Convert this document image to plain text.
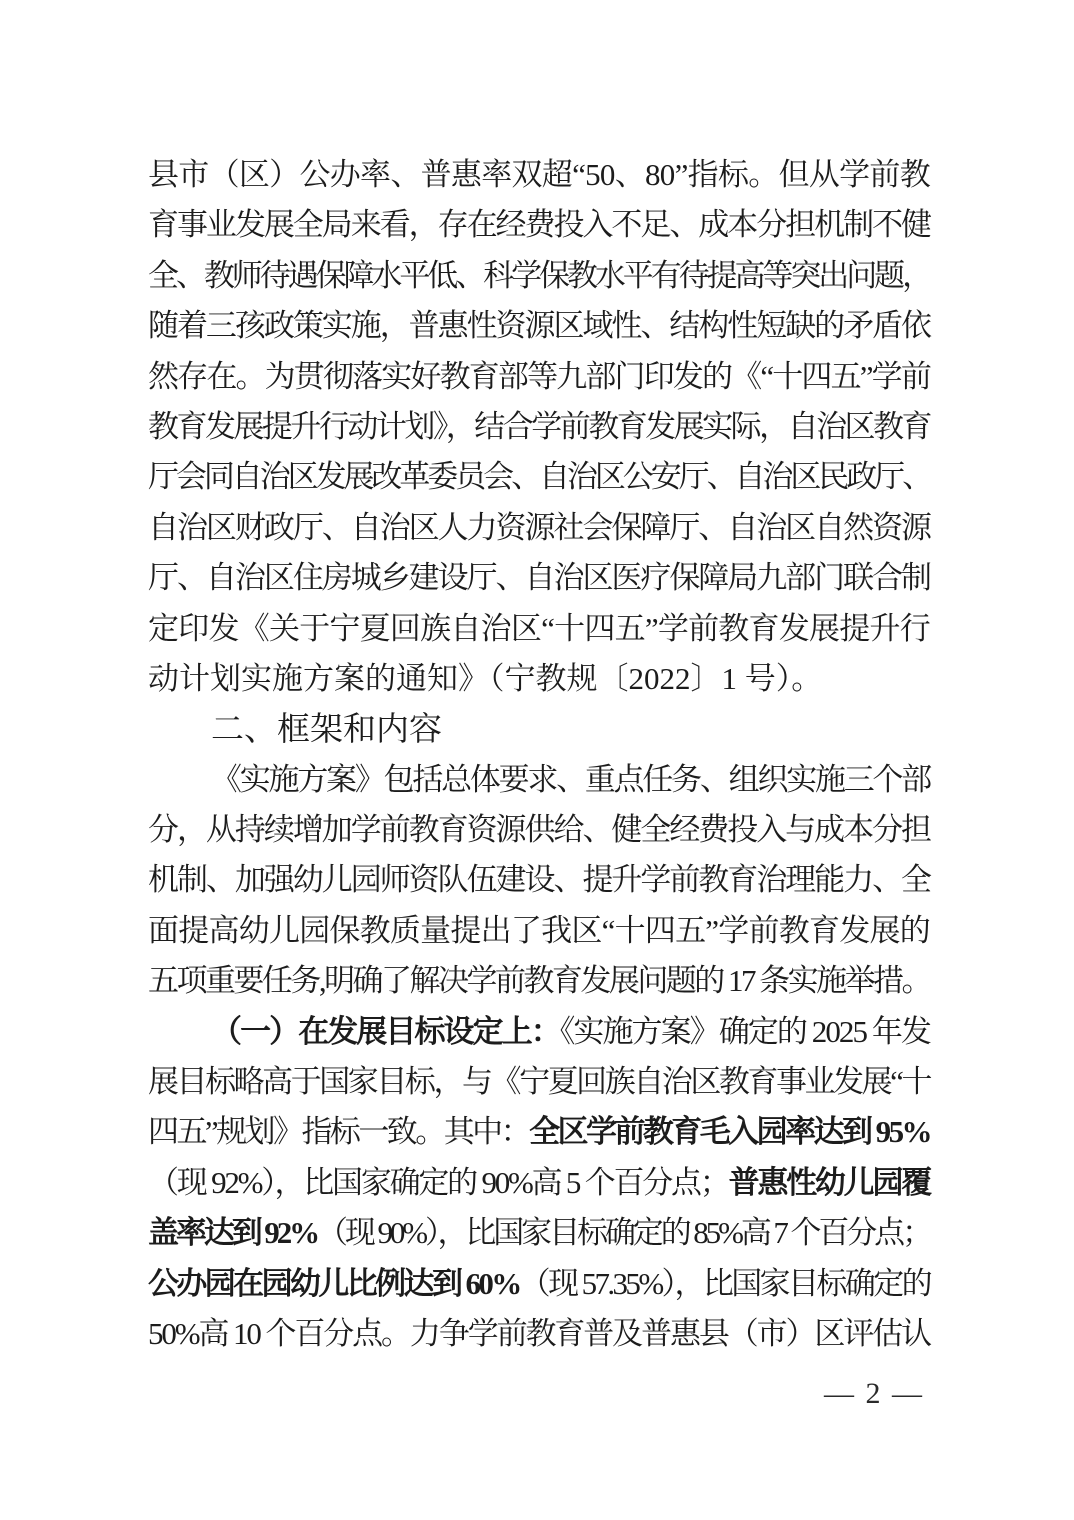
县市（区）公办率、普惠率双超“50、80”指标。但从学前教
育事业发展全局来看，存在经费投入不足、成本分担机制不健
全、教师待遇保障水平低、科学保教水平有待提高等突出问题，
随着三孩政策实施，普惠性资源区域性、结构性短缺的矛盾依
然存在。为贯彻落实好教育部等九部门印发的《“十四五”学前
教育发展提升行动计划》，结合学前教育发展实际，自治区教育
厅会同自治区发展改革委员会、自治区公安厅、自治区民政厅、
自治区财政厅、自治区人力资源社会保障厅、自治区自然资源
厅、自治区住房城乡建设厅、自治区医疗保障局九部门联合制
定印发《关于宁夏回族自治区“十四五”学前教育发展提升行
动计划实施方案的通知》（宁教规〔2022〕1 号）。
二、框架和内容
《实施方案》包括总体要求、重点任务、组织实施三个部
分，从持续增加学前教育资源供给、健全经费投入与成本分担
机制、加强幼儿园师资队伍建设、提升学前教育治理能力、全
面提高幼儿园保教质量提出了我区“十四五”学前教育发展的
五项重要任务,明确了解决学前教育发展问题的 17 条实施举措。
（一）在发展目标设定上：《实施方案》确定的 2025 年发
展目标略高于国家目标，与《宁夏回族自治区教育事业发展“十
四五”规划》指标一致。其中：全区学前教育毛入园率达到 95%
（现 92%），比国家确定的 90%高 5 个百分点；普惠性幼儿园覆
盖率达到 92%（现 90%），比国家目标确定的 85%高 7 个百分点；
公办园在园幼儿比例达到 60%（现 57.35%），比国家目标确定的
50%高 10 个百分点。力争学前教育普及普惠县（市）区评估认
— 2 —
